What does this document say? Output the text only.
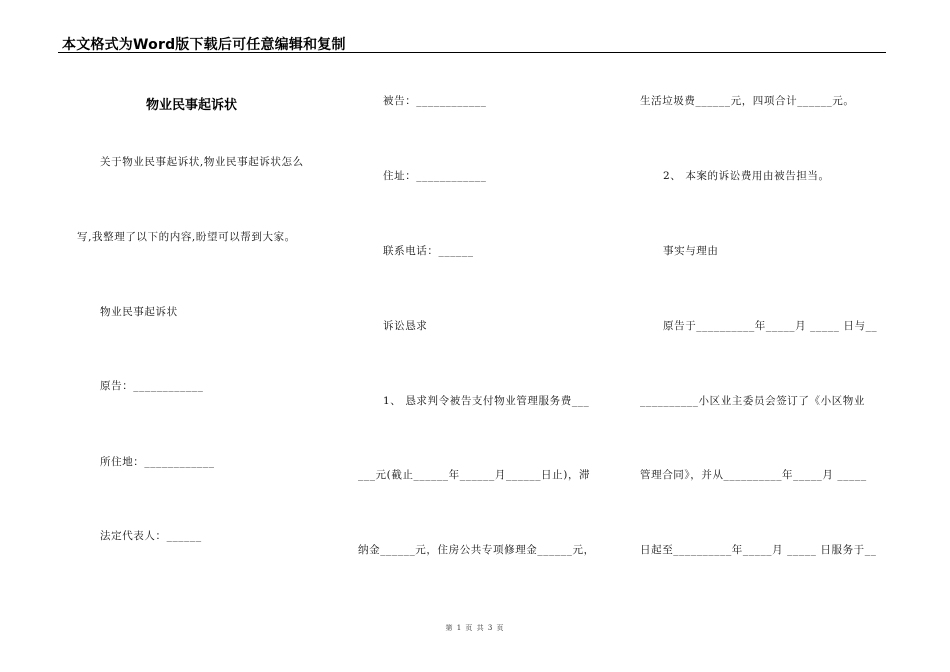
本文格式为Word版下载后可任意编辑和复制
物业民事起诉状
关于物业民事起诉状,物业民事起诉状怎么
写,我整理了以下的内容,盼望可以帮到大家。
物业民事起诉状
原告：____________
所住地：____________
法定代表人：______
被告：____________
住址：____________
联系电话：______
诉讼恳求
1、 恳求判令被告支付物业管理服务费___
___元(截止______年______月______日止)，滞
纳金______元，住房公共专项修理金______元，
生活垃圾费______元，四项合计______元。
2、 本案的诉讼费用由被告担当。
事实与理由
原告于__________年_____月 _____ 日与__
__________小区业主委员会签订了《小区物业
管理合同》，并从__________年_____月 _____
日起至__________年_____月 _____ 日服务于__
第 1 页 共 3 页
